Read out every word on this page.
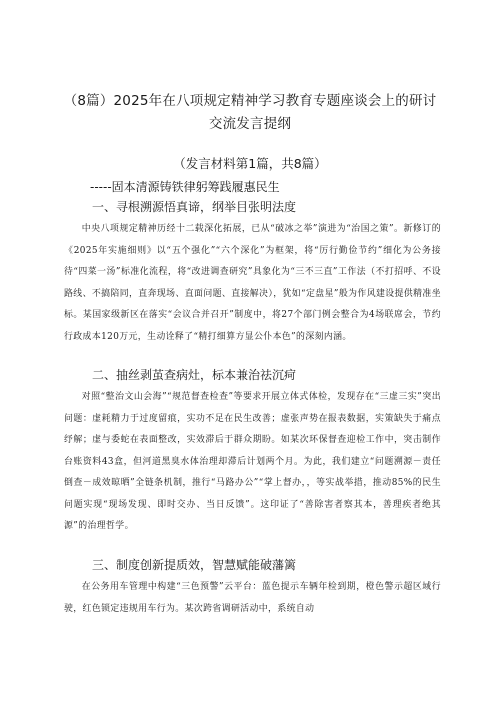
（8篇）2025年在八项规定精神学习教育专题座谈会上的研讨
交流发言提纲
（发言材料第1篇，共8篇）
-----固本清源铸铁律躬筹践履惠民生
一、寻根溯源悟真谛，纲举目张明法度
中央八项规定精神历经十二载深化拓展，已从“破冰之举”演进为“治国之策”。新修订的《2025年实施细则》以“五个强化”“六个深化”为框架，将“厉行勤俭节约”细化为公务接待“四菜一汤”标准化流程，将“改进调查研究”具象化为“三不三直”工作法（不打招呼、不设路线、不搞陪同，直奔现场、直面问题、直接解决），犹如“定盘星”般为作风建设提供精准坐标。某国家级新区在落实“会议合并召开”制度中，将27个部门例会整合为4场联席会，节约行政成本120万元，生动诠释了“精打细算方显公仆本色”的深刻内涵。
二、抽丝剥茧查病灶，标本兼治祛沉疴
对照“整治文山会海”“规范督查检查”等要求开展立体式体检，发现存在“三虚三实”突出问题：虚耗精力于过度留痕，实功不足在民生改善；虚张声势在报表数据，实策缺失于痛点纾解；虚与委蛇在表面整改，实效滞后于群众期盼。如某次环保督查迎检工作中，突击制作台账资料43盒，但河道黑臭水体治理却滞后计划两个月。为此，我们建立“问题溯源－责任倒查－成效晾晒”全链条机制，推行“马路办公”“掌上督办，，等实战举措，推动85%的民生问题实现“现场发现、即时交办、当日反馈”。这印证了“善除害者察其本，善理疾者绝其源”的治理哲学。
三、制度创新提质效，智慧赋能破藩篱
在公务用车管理中构建“三色预警”云平台：蓝色提示车辆年检到期，橙色警示超区域行驶，红色锁定违规用车行为。某次跨省调研活动中，系统自动
